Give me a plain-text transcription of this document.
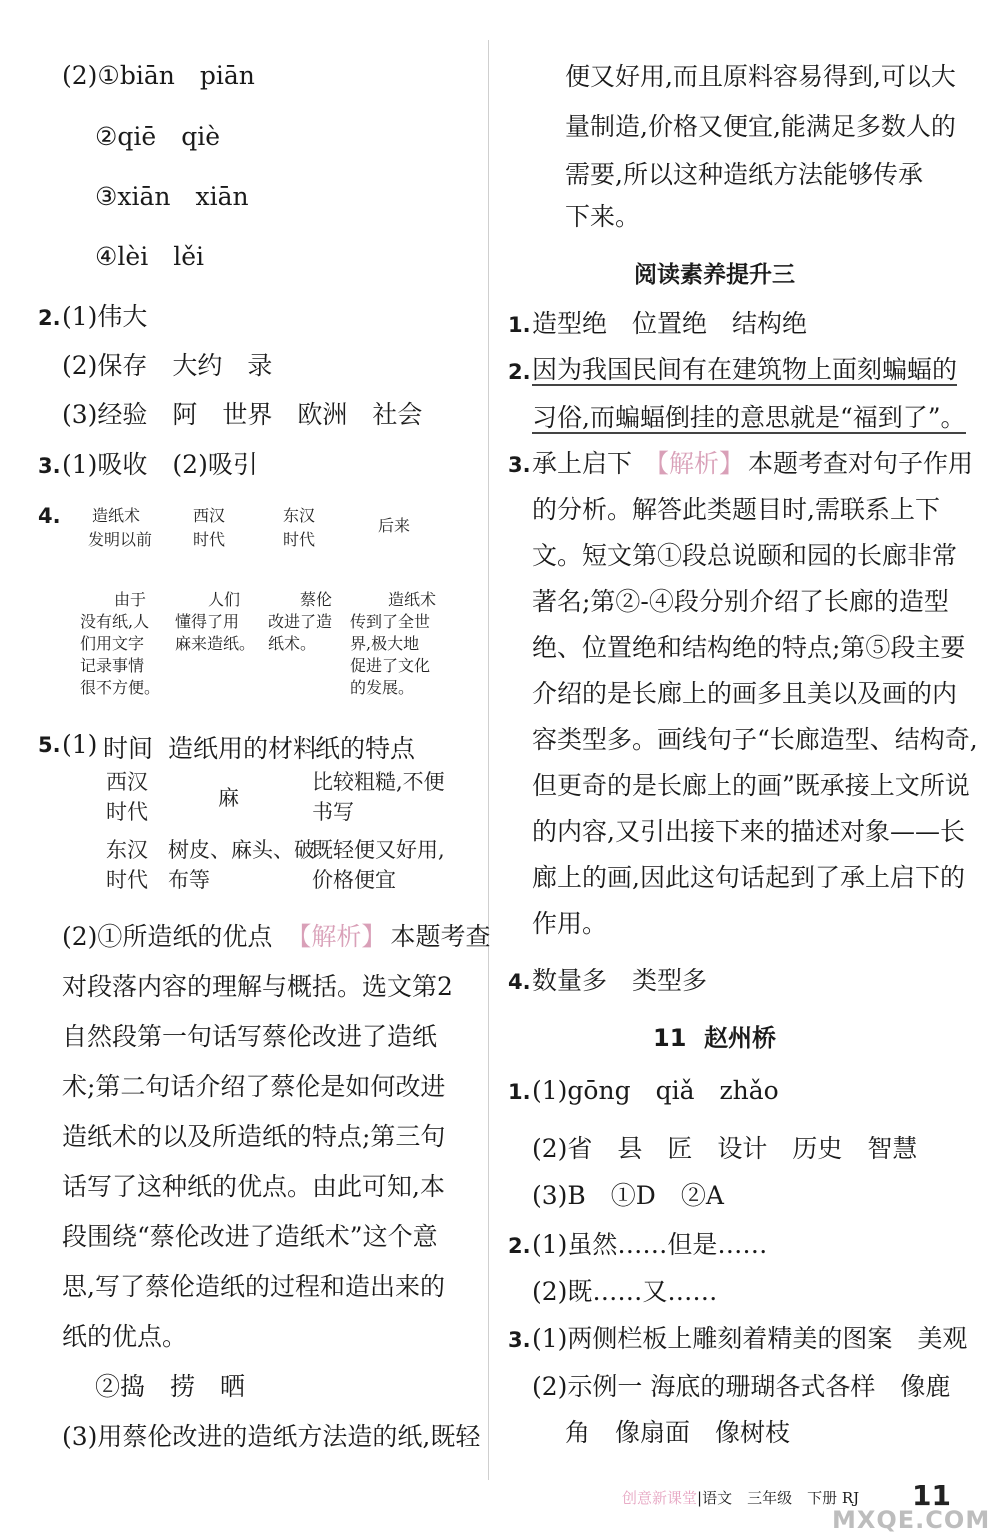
(2)①biān　piān
②qiē　qiè
③xiān　xiān
④lèi　lěi
2. (1)伟大
(2)保存　大约　录
(3)经验　阿　世界　欧洲　社会
3. (1)吸收　(2)吸引
4. 造纸术
发明以前
西汉
时代
东汉
时代
后来
由于
没有纸,人
们用文字
记录事情
很不方便。
人们
懂得了用
麻来造纸。
蔡伦
改进了造
纸术。
造纸术
传到了全世
界,极大地
促进了文化
的发展。
5. (1) 时间 造纸用的材料
纸的特点
西汉
时代
麻
比较粗糙,不便
书写
东汉
时代
树皮、麻头、破
布等
既轻便又好用,
价格便宜
(2)①所造纸的优点 【解析】 本题考查
对段落内容的理解与概括。选文第2
自然段第一句话写蔡伦改进了造纸
术;第二句话介绍了蔡伦是如何改进
造纸术的以及所造纸的特点;第三句
话写了这种纸的优点。由此可知,本
段围绕“蔡伦改进了造纸术”这个意
思,写了蔡伦造纸的过程和造出来的
纸的优点。
②捣　捞　晒
(3)用蔡伦改进的造纸方法造的纸,既轻
便又好用,而且原料容易得到,可以大
量制造,价格又便宜,能满足多数人的
需要,所以这种造纸方法能够传承
下来。
阅读素养提升三
1. 造型绝　位置绝　结构绝
2. 因为我国民间有在建筑物上面刻蝙蝠的
习俗,而蝙蝠倒挂的意思就是“福到了”。
3. 承上启下 【解析】 本题考查对句子作用
的分析。解答此类题目时,需联系上下
文。短文第①段总说颐和园的长廊非常
著名;第②-④段分别介绍了长廊的造型
绝、位置绝和结构绝的特点;第⑤段主要
介绍的是长廊上的画多且美以及画的内
容类型多。画线句子“长廊造型、结构奇,
但更奇的是长廊上的画”既承接上文所说
的内容,又引出接下来的描述对象——长
廊上的画,因此这句话起到了承上启下的
作用。
4. 数量多　类型多
11 赵州桥
1. (1)gōng　qiǎ　zhǎo
(2)省　县　匠　设计　历史　智慧
(3)B　①D　②A
2. (1)虽然……但是……
(2)既……又……
3. (1)两侧栏板上雕刻着精美的图案　美观
(2)示例一 海底的珊瑚各式各样　像鹿
角　像扇面　像树枝
创意新课堂|语文　三年级　下册 RJ 11
MXQE.COM
